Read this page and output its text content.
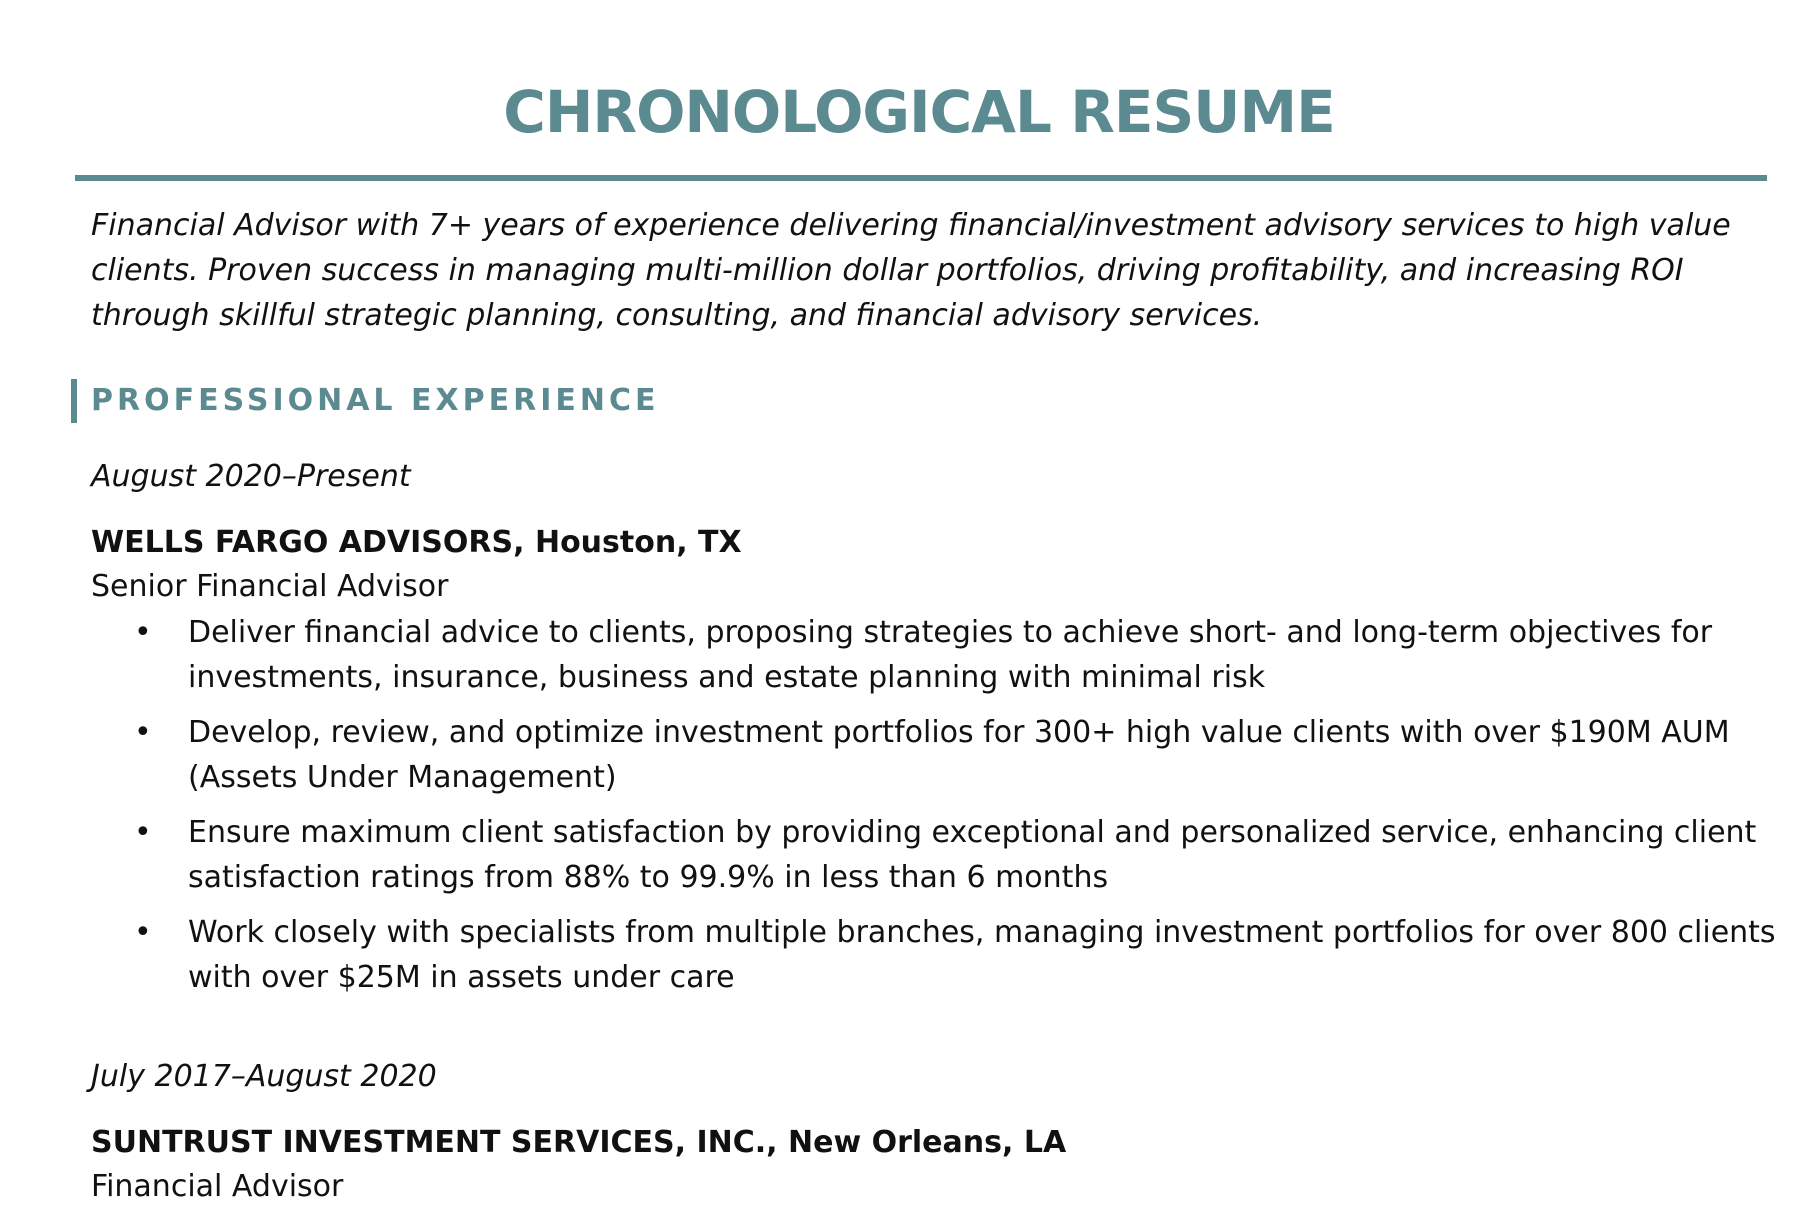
CHRONOLOGICAL RESUME

Financial Advisor with 7+ years of experience delivering financial/investment advisory services to high value clients. Proven success in managing multi-million dollar portfolios, driving profitability, and increasing ROI through skillful strategic planning, consulting, and financial advisory services.

PROFESSIONAL EXPERIENCE

August 2020–Present

WELLS FARGO ADVISORS, Houston, TX

Senior Financial Advisor

• Deliver financial advice to clients, proposing strategies to achieve short- and long-term objectives for investments, insurance, business and estate planning with minimal risk
• Develop, review, and optimize investment portfolios for 300+ high value clients with over $190M AUM (Assets Under Management)
• Ensure maximum client satisfaction by providing exceptional and personalized service, enhancing client satisfaction ratings from 88% to 99.9% in less than 6 months
• Work closely with specialists from multiple branches, managing investment portfolios for over 800 clients with over $25M in assets under care

July 2017–August 2020

SUNTRUST INVESTMENT SERVICES, INC., New Orleans, LA

Financial Advisor
